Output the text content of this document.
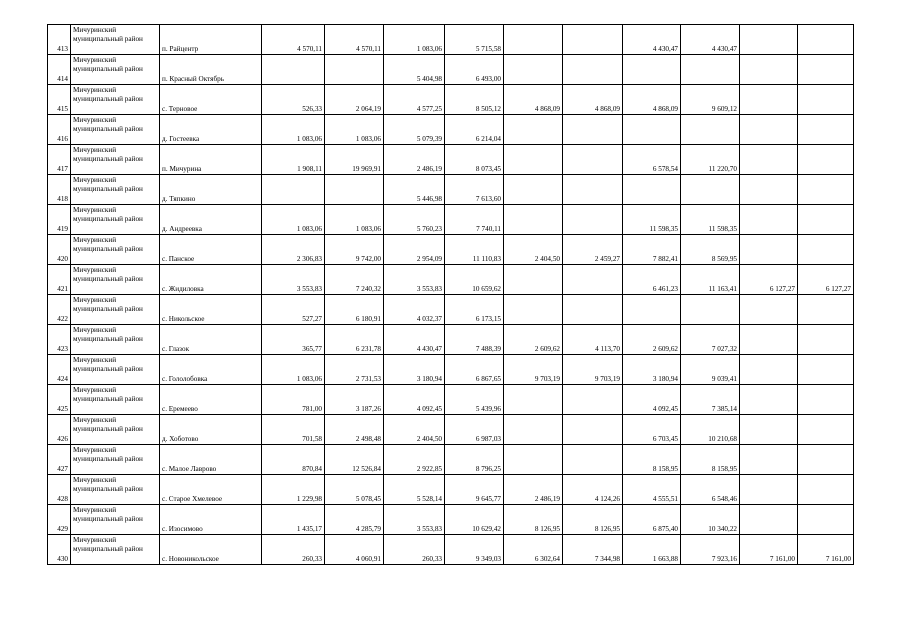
413	Мичуринский муниципальный район	п. Райцентр	4 570,11	4 570,11	1 083,06	5 715,58			4 430,47	4 430,47		
414	Мичуринский муниципальный район	п. Красный Октябрь			5 404,98	6 493,00						
415	Мичуринский муниципальный район	с. Терновое	526,33	2 064,19	4 577,25	8 505,12	4 868,09	4 868,09	4 868,09	9 609,12		
416	Мичуринский муниципальный район	д. Гостеевка	1 083,06	1 083,06	5 079,39	6 214,04						
417	Мичуринский муниципальный район	п. Мичурина	1 908,11	19 969,91	2 486,19	8 073,45			6 578,54	11 220,70		
418	Мичуринский муниципальный район	д. Тяпкино			5 446,98	7 613,60						
419	Мичуринский муниципальный район	д. Андреевка	1 083,06	1 083,06	5 760,23	7 740,11			11 598,35	11 598,35		
420	Мичуринский муниципальный район	с. Панское	2 306,83	9 742,00	2 954,09	11 110,83	2 404,50	2 459,27	7 882,41	8 569,95		
421	Мичуринский муниципальный район	с. Жидиловка	3 553,83	7 240,32	3 553,83	10 659,62			6 461,23	11 163,41	6 127,27	6 127,27
422	Мичуринский муниципальный район	с. Никольское	527,27	6 180,91	4 032,37	6 173,15						
423	Мичуринский муниципальный район	с. Глазок	365,77	6 231,78	4 430,47	7 488,39	2 609,62	4 113,70	2 609,62	7 027,32		
424	Мичуринский муниципальный район	с. Гололобовка	1 083,06	2 731,53	3 180,94	6 867,65	9 703,19	9 703,19	3 180,94	9 039,41		
425	Мичуринский муниципальный район	с. Еремеево	781,00	3 187,26	4 092,45	5 439,96			4 092,45	7 385,14		
426	Мичуринский муниципальный район	д. Хоботово	701,58	2 498,48	2 404,50	6 987,03			6 703,45	10 210,68		
427	Мичуринский муниципальный район	с. Малое Лаврово	870,84	12 526,84	2 922,85	8 796,25			8 158,95	8 158,95		
428	Мичуринский муниципальный район	с. Старое Хмелевое	1 229,98	5 078,45	5 528,14	9 645,77	2 486,19	4 124,26	4 555,51	6 548,46		
429	Мичуринский муниципальный район	с. Изосимово	1 435,17	4 285,79	3 553,83	10 629,42	8 126,95	8 126,95	6 875,40	10 340,22		
430	Мичуринский муниципальный район	с. Новоникольское	260,33	4 060,91	260,33	9 349,03	6 302,64	7 344,98	1 663,88	7 923,16	7 161,00	7 161,00
